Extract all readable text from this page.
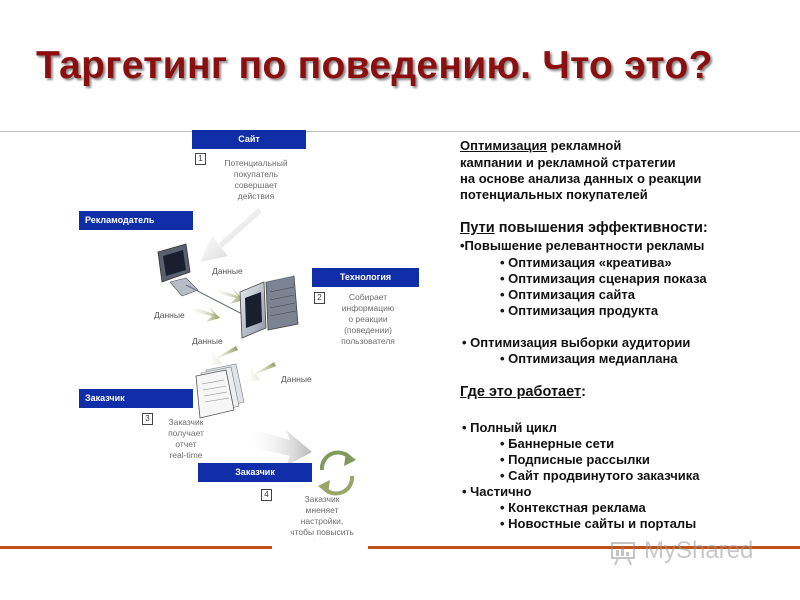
Таргетинг по поведению. Что это?
Сайт
1	Потенциальный
покупатель
совершает
действия
Рекламодатель
Технология
2	Собирает
информацию
о реакции
(поведении)
пользователя
Данные
Данные
Данные
Данные
Заказчик
3	Заказчик
получает
отчет
real-time
Заказчик
4	Заказчик
мненяет
настройки,
чтобы повысить
Оптимизация рекламной
кампании и рекламной стратегии
на основе анализа данных о реакции
потенциальных покупателей
Пути повышения эффективности:
•Повышение релевантности рекламы
• Оптимизация «креатива»
• Оптимизация сценария показа
• Оптимизация сайта
• Оптимизация продукта
• Оптимизация выборки аудитории
• Оптимизация медиаплана
Где это работает:
• Полный цикл
• Баннерные сети
• Подписные рассылки
• Сайт продвинутого заказчика
• Частично
• Контекстная реклама
• Новостные сайты и порталы
MyShared
